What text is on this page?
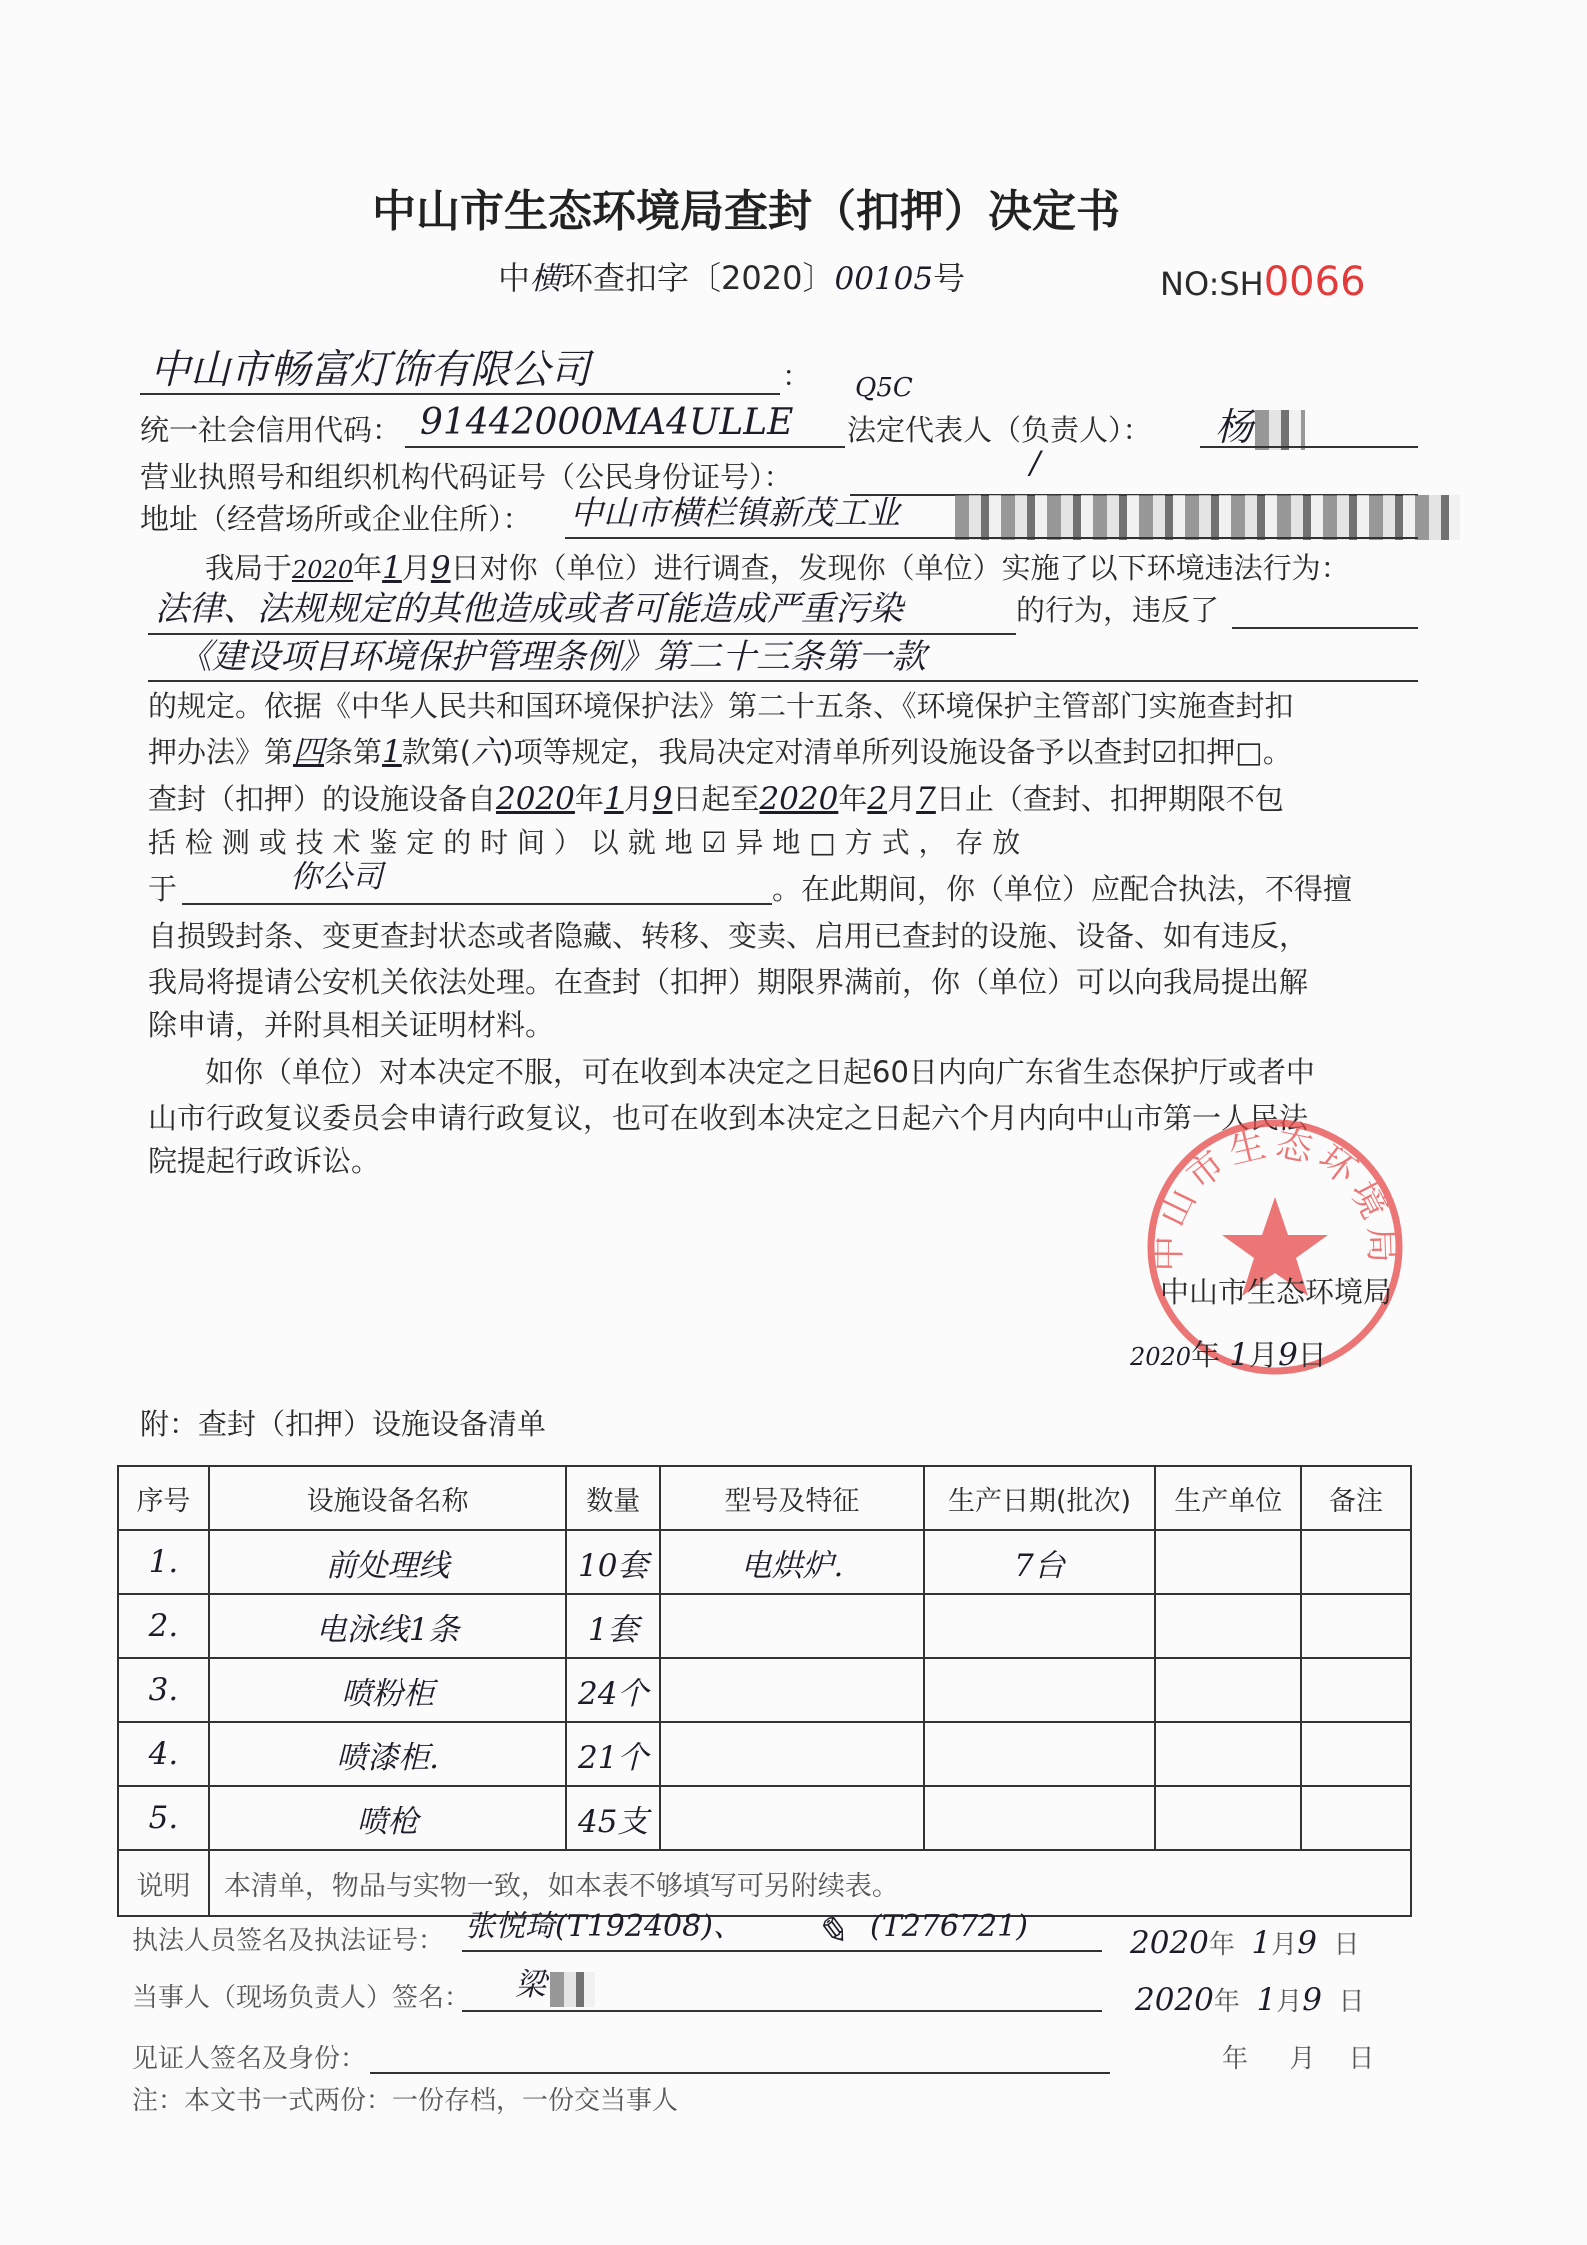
中山市生态环境局查封（扣押）决定书
中横环查扣字〔2020〕00105号	NO:SH0066
中山市畅富灯饰有限公司	：
统一社会信用代码： 91442000MA4ULLE
Q5C
法定代表人（负责人）： 杨
营业执照号和组织机构代码证号（公民身份证号）：	/
地址（经营场所或企业住所）： 中山市横栏镇新茂工业
我局于2020年1月9日对你（单位）进行调查，发现你（单位）实施了以下环境违法行为：
法律、法规规定的其他造成或者可能造成严重污染	的行为，违反了
《建设项目环境保护管理条例》第二十三条第一款
的规定。依据《中华人民共和国环境保护法》第二十五条、《环境保护主管部门实施查封扣
押办法》第四条第1款第(六)项等规定，我局决定对清单所列设施设备予以查封☑扣押□。
查封（扣押）的设施设备自2020年1月9日起至2020年2月7日止（查封、扣押期限不包
括 检 测 或 技 术 鉴 定 的 时 间 ） 以 就 地 ☑ 异 地 □ 方 式 ， 存 放
于	你公司	。在此期间，你（单位）应配合执法，不得擅
自损毁封条、变更查封状态或者隐藏、转移、变卖、启用已查封的设施、设备、如有违反，
我局将提请公安机关依法处理。在查封（扣押）期限界满前，你（单位）可以向我局提出解
除申请，并附具相关证明材料。
如你（单位）对本决定不服，可在收到本决定之日起60日内向广东省生态保护厅或者中
山市行政复议委员会申请行政复议，也可在收到本决定之日起六个月内向中山市第一人民法
院提起行政诉讼。
中山市生态环境局
中山市生态环境局
2020年 1月9日
附：查封（扣押）设施设备清单
序号	设施设备名称	数量	型号及特征	生产日期(批次)	生产单位	备注
1.	前处理线	10套	电烘炉.	7台		
2.	电泳线1条	1套				
3.	喷粉柜	24个				
4.	喷漆柜.	21个				
5.	喷枪	45支				
说明	本清单，物品与实物一致，如本表不够填写可另附续表。					
执法人员签名及执法证号： 张悦琦(T192408)、 ✎ (T276721)	2020年 1月9 日
当事人（现场负责人）签名： 梁	2020年 1月9 日
见证人签名及身份：	年 月 日
注：本文书一式两份：一份存档，一份交当事人
